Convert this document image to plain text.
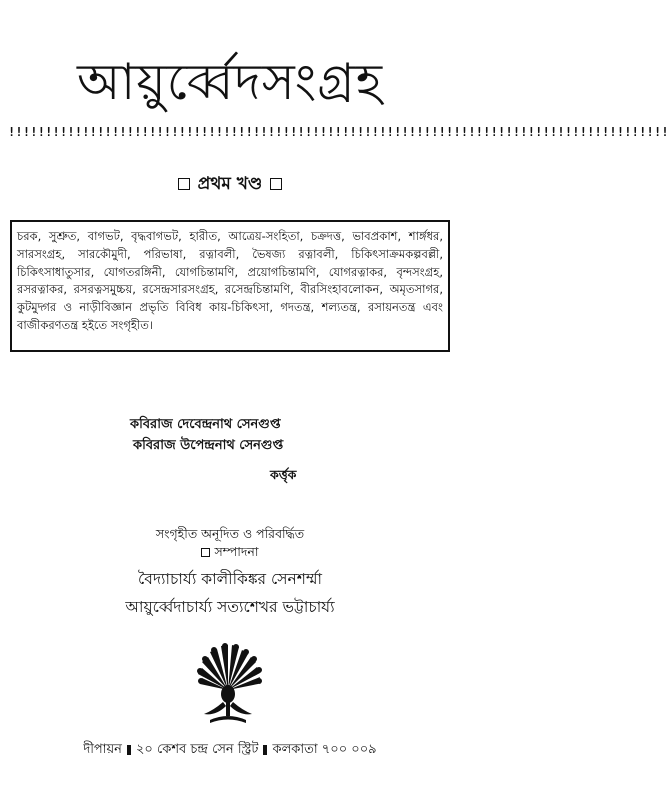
আয়ুর্ব্বেদসংগ্রহ
!!!!!!!!!!!!!!!!!!!!!!!!!!!!!!!!!!!!!!!!!!!!!!!!!!!!!!!!!!!!!!!!!!!!!!!!!!!!!!!!!!!!!!!!!
প্রথম খণ্ড
চরক, সুশ্রুত, বাগভট, বৃদ্ধবাগভট, হারীত, আত্রেয়-সংহিতা, চক্রদত্ত, ভাবপ্রকাশ, শার্ঙ্গধর, সারসংগ্রহ, সারকৌমুদী, পরিভাষা, রত্নাবলী, ভৈষজ্য রত্নাবলী, চিকিৎসাক্রমকল্পবল্লী, চিকিৎসাধাতুসার, যোগতরঙ্গিনী, যোগচিন্তামণি, প্রয়োগচিন্তামণি, যোগরত্নাকর, বৃন্দসংগ্রহ, রসরত্নাকর, রসরত্নসমুচ্চয়, রসেন্দ্রসারসংগ্রহ, রসেন্দ্রচিন্তামণি, বীরসিংহাবলোকন, অমৃতসাগর, কুটমুদ্গর ও নাড়ীবিজ্ঞান প্রভৃতি বিবিধ কায়-চিকিৎসা, গদতন্ত্র, শল্যতন্ত্র, রসায়নতন্ত্র এবং বাজীকরণতন্ত্র হইতে সংগৃহীত।
কবিরাজ দেবেন্দ্রনাথ সেনগুপ্ত
কবিরাজ উপেন্দ্রনাথ সেনগুপ্ত
কর্ত্তৃক
সংগৃহীত অনূদিত ও পরিবর্দ্ধিত
সম্পাদনা
বৈদ্যাচার্য্য কালীকিঙ্কর সেনশর্ম্মা
আয়ুর্ব্বেদাচার্য্য সত্যশেখর ভট্টাচার্য্য
দীপায়ন ২০ কেশব চন্দ্র সেন স্ট্রিট কলকাতা ৭০০ ০০৯
